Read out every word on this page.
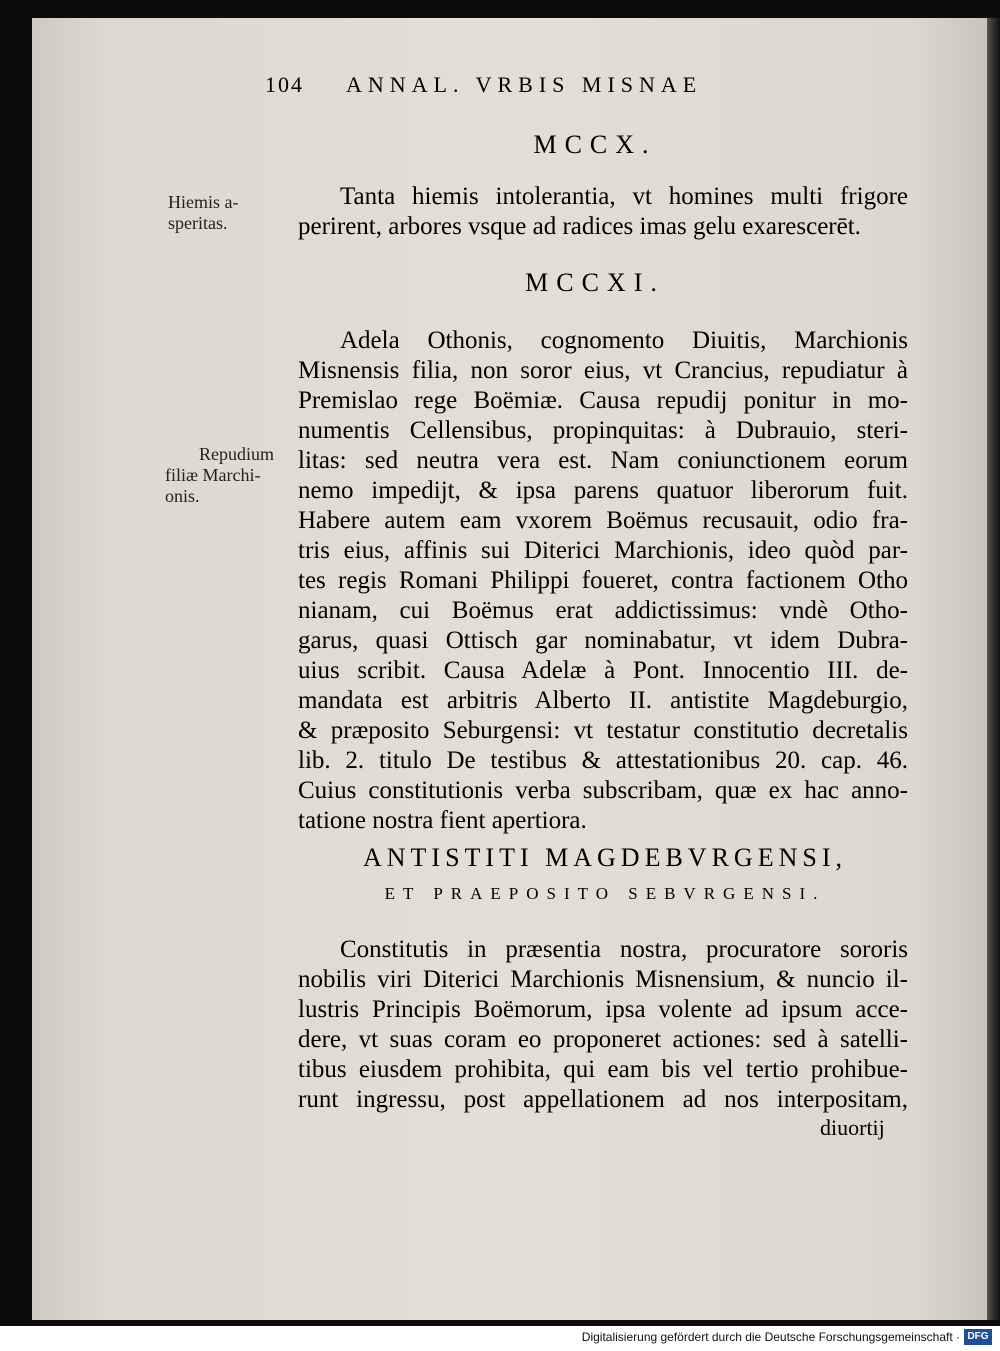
104 ANNAL. VRBIS MISNAE
MCCX.
Hiemis a-
speritas.
Tanta hiemis intolerantia, vt homines multi frigore
perirent, arbores vsque ad radices imas gelu exarescerēt.
MCCXI.
Repudium
filiæ Marchi-
onis.
Adela Othonis, cognomento Diuitis, Marchionis
Misnensis filia, non soror eius, vt Crancius, repudiatur à
Premislao rege Boëmiæ. Causa repudij ponitur in mo-
numentis Cellensibus, propinquitas: à Dubrauio, steri-
litas: sed neutra vera est. Nam coniunctionem eorum
nemo impedijt, & ipsa parens quatuor liberorum fuit.
Habere autem eam vxorem Boëmus recusauit, odio fra-
tris eius, affinis sui Diterici Marchionis, ideo quòd par-
tes regis Romani Philippi foueret, contra factionem Otho
nianam, cui Boëmus erat addictissimus: vndè Otho-
garus, quasi Ottisch gar nominabatur, vt idem Dubra-
uius scribit. Causa Adelæ à Pont. Innocentio III. de-
mandata est arbitris Alberto II. antistite Magdeburgio,
& præposito Seburgensi: vt testatur constitutio decretalis
lib. 2. titulo De testibus & attestationibus 20. cap. 46.
Cuius constitutionis verba subscribam, quæ ex hac anno-
tatione nostra fient apertiora.
ANTISTITI MAGDEBVRGENSI,
ET PRAEPOSITO SEBVRGENSI.
Constitutis in præsentia nostra, procuratore sororis
nobilis viri Diterici Marchionis Misnensium, & nuncio il-
lustris Principis Boëmorum, ipsa volente ad ipsum acce-
dere, vt suas coram eo proponeret actiones: sed à satelli-
tibus eiusdem prohibita, qui eam bis vel tertio prohibue-
runt ingressu, post appellationem ad nos interpositam,
diuortij
Digitalisierung gefördert durch die Deutsche Forschungsgemeinschaft · DFG
